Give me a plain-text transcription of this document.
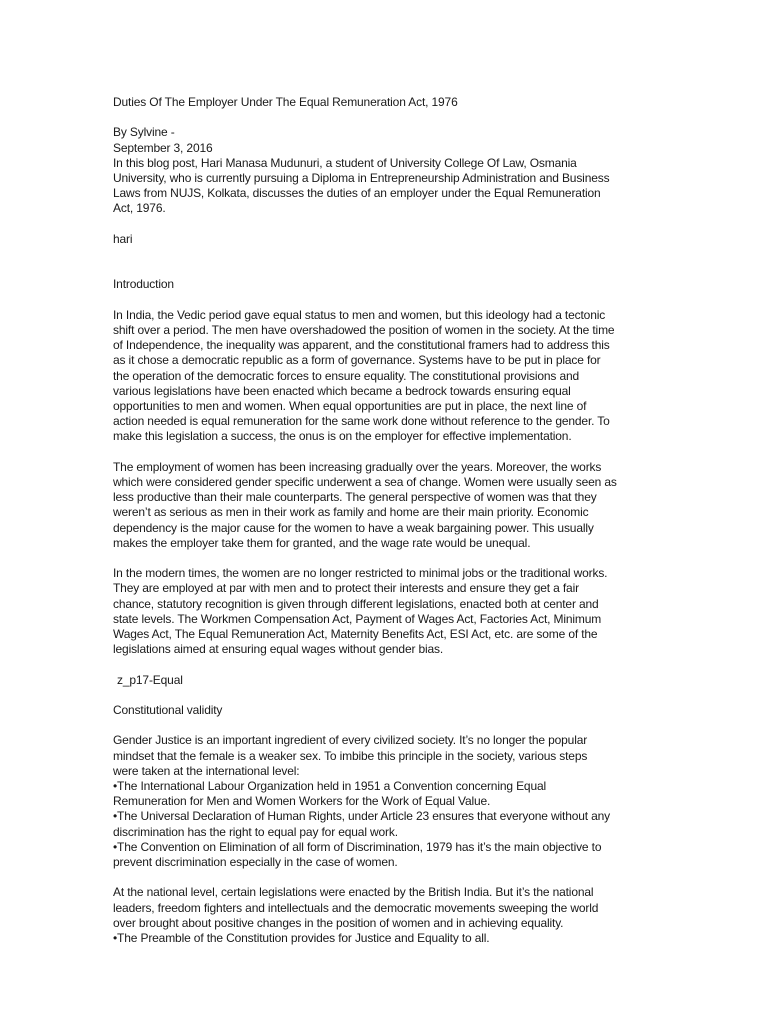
Duties Of The Employer Under The Equal Remuneration Act, 1976
By Sylvine -
September 3, 2016
In this blog post, Hari Manasa Mudunuri, a student of University College Of Law, Osmania
University, who is currently pursuing a Diploma in Entrepreneurship Administration and Business
Laws from NUJS, Kolkata, discusses the duties of an employer under the Equal Remuneration
Act, 1976.
hari
Introduction
In India, the Vedic period gave equal status to men and women, but this ideology had a tectonic
shift over a period. The men have overshadowed the position of women in the society. At the time
of Independence, the inequality was apparent, and the constitutional framers had to address this
as it chose a democratic republic as a form of governance. Systems have to be put in place for
the operation of the democratic forces to ensure equality. The constitutional provisions and
various legislations have been enacted which became a bedrock towards ensuring equal
opportunities to men and women. When equal opportunities are put in place, the next line of
action needed is equal remuneration for the same work done without reference to the gender. To
make this legislation a success, the onus is on the employer for effective implementation.
The employment of women has been increasing gradually over the years. Moreover, the works
which were considered gender specific underwent a sea of change. Women were usually seen as
less productive than their male counterparts. The general perspective of women was that they
weren’t as serious as men in their work as family and home are their main priority. Economic
dependency is the major cause for the women to have a weak bargaining power. This usually
makes the employer take them for granted, and the wage rate would be unequal.
In the modern times, the women are no longer restricted to minimal jobs or the traditional works.
They are employed at par with men and to protect their interests and ensure they get a fair
chance, statutory recognition is given through different legislations, enacted both at center and
state levels. The Workmen Compensation Act, Payment of Wages Act, Factories Act, Minimum
Wages Act, The Equal Remuneration Act, Maternity Benefits Act, ESI Act, etc. are some of the
legislations aimed at ensuring equal wages without gender bias.
z_p17-Equal
Constitutional validity
Gender Justice is an important ingredient of every civilized society. It’s no longer the popular
mindset that the female is a weaker sex. To imbibe this principle in the society, various steps
were taken at the international level:
•The International Labour Organization held in 1951 a Convention concerning Equal
Remuneration for Men and Women Workers for the Work of Equal Value.
•The Universal Declaration of Human Rights, under Article 23 ensures that everyone without any
discrimination has the right to equal pay for equal work.
•The Convention on Elimination of all form of Discrimination, 1979 has it’s the main objective to
prevent discrimination especially in the case of women.
At the national level, certain legislations were enacted by the British India. But it’s the national
leaders, freedom fighters and intellectuals and the democratic movements sweeping the world
over brought about positive changes in the position of women and in achieving equality.
•The Preamble of the Constitution provides for Justice and Equality to all.
